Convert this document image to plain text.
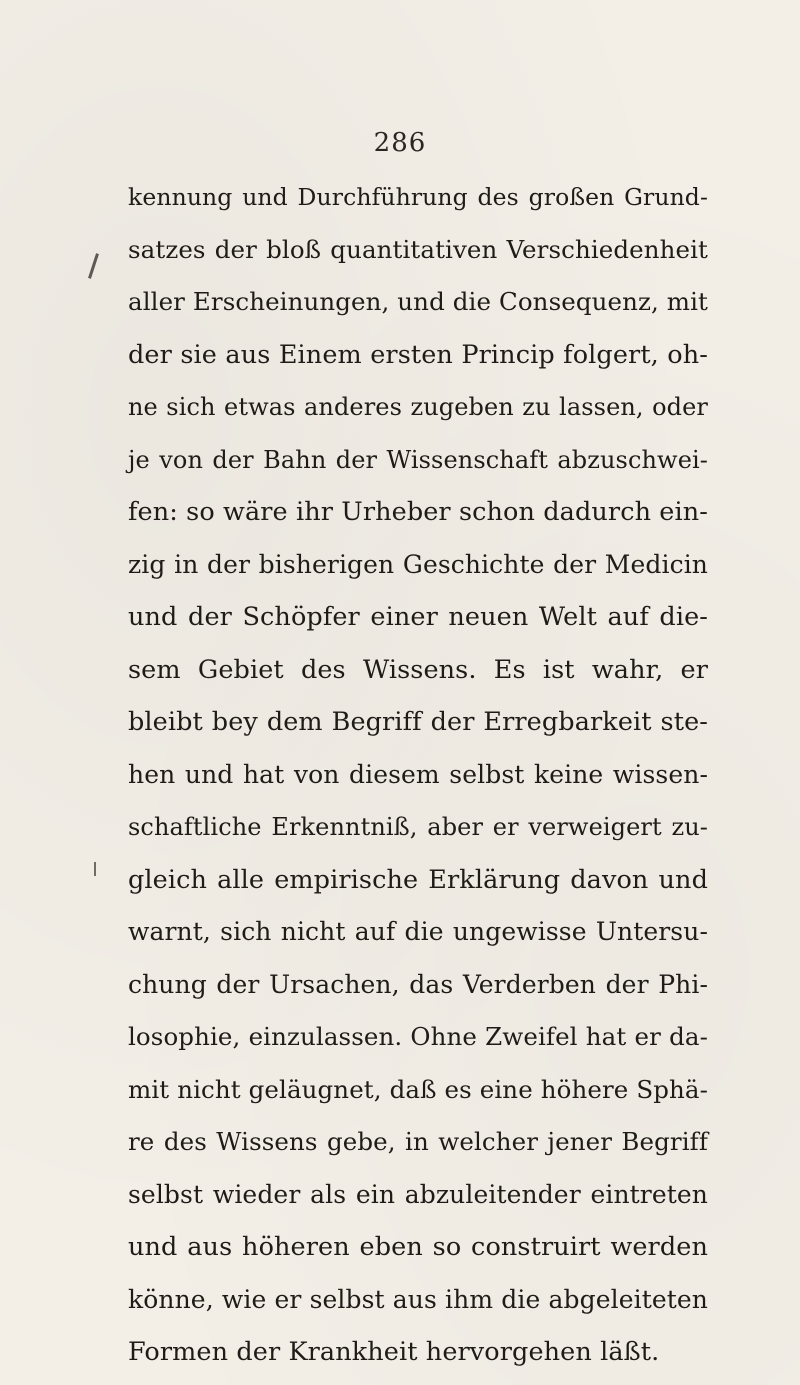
286
kennung und Durchführung des großen Grund-
satzes der bloß quantitativen Verschiedenheit
aller Erscheinungen, und die Consequenz, mit
der sie aus Einem ersten Princip folgert, oh-
ne sich etwas anderes zugeben zu lassen, oder
je von der Bahn der Wissenschaft abzuschwei-
fen: so wäre ihr Urheber schon dadurch ein-
zig in der bisherigen Geschichte der Medicin
und der Schöpfer einer neuen Welt auf die-
sem Gebiet des Wissens. Es ist wahr, er
bleibt bey dem Begriff der Erregbarkeit ste-
hen und hat von diesem selbst keine wissen-
schaftliche Erkenntniß, aber er verweigert zu-
gleich alle empirische Erklärung davon und
warnt, sich nicht auf die ungewisse Untersu-
chung der Ursachen, das Verderben der Phi-
losophie, einzulassen. Ohne Zweifel hat er da-
mit nicht geläugnet, daß es eine höhere Sphä-
re des Wissens gebe, in welcher jener Begriff
selbst wieder als ein abzuleitender eintreten
und aus höheren eben so construirt werden
könne, wie er selbst aus ihm die abgeleiteten
Formen der Krankheit hervorgehen läßt.
